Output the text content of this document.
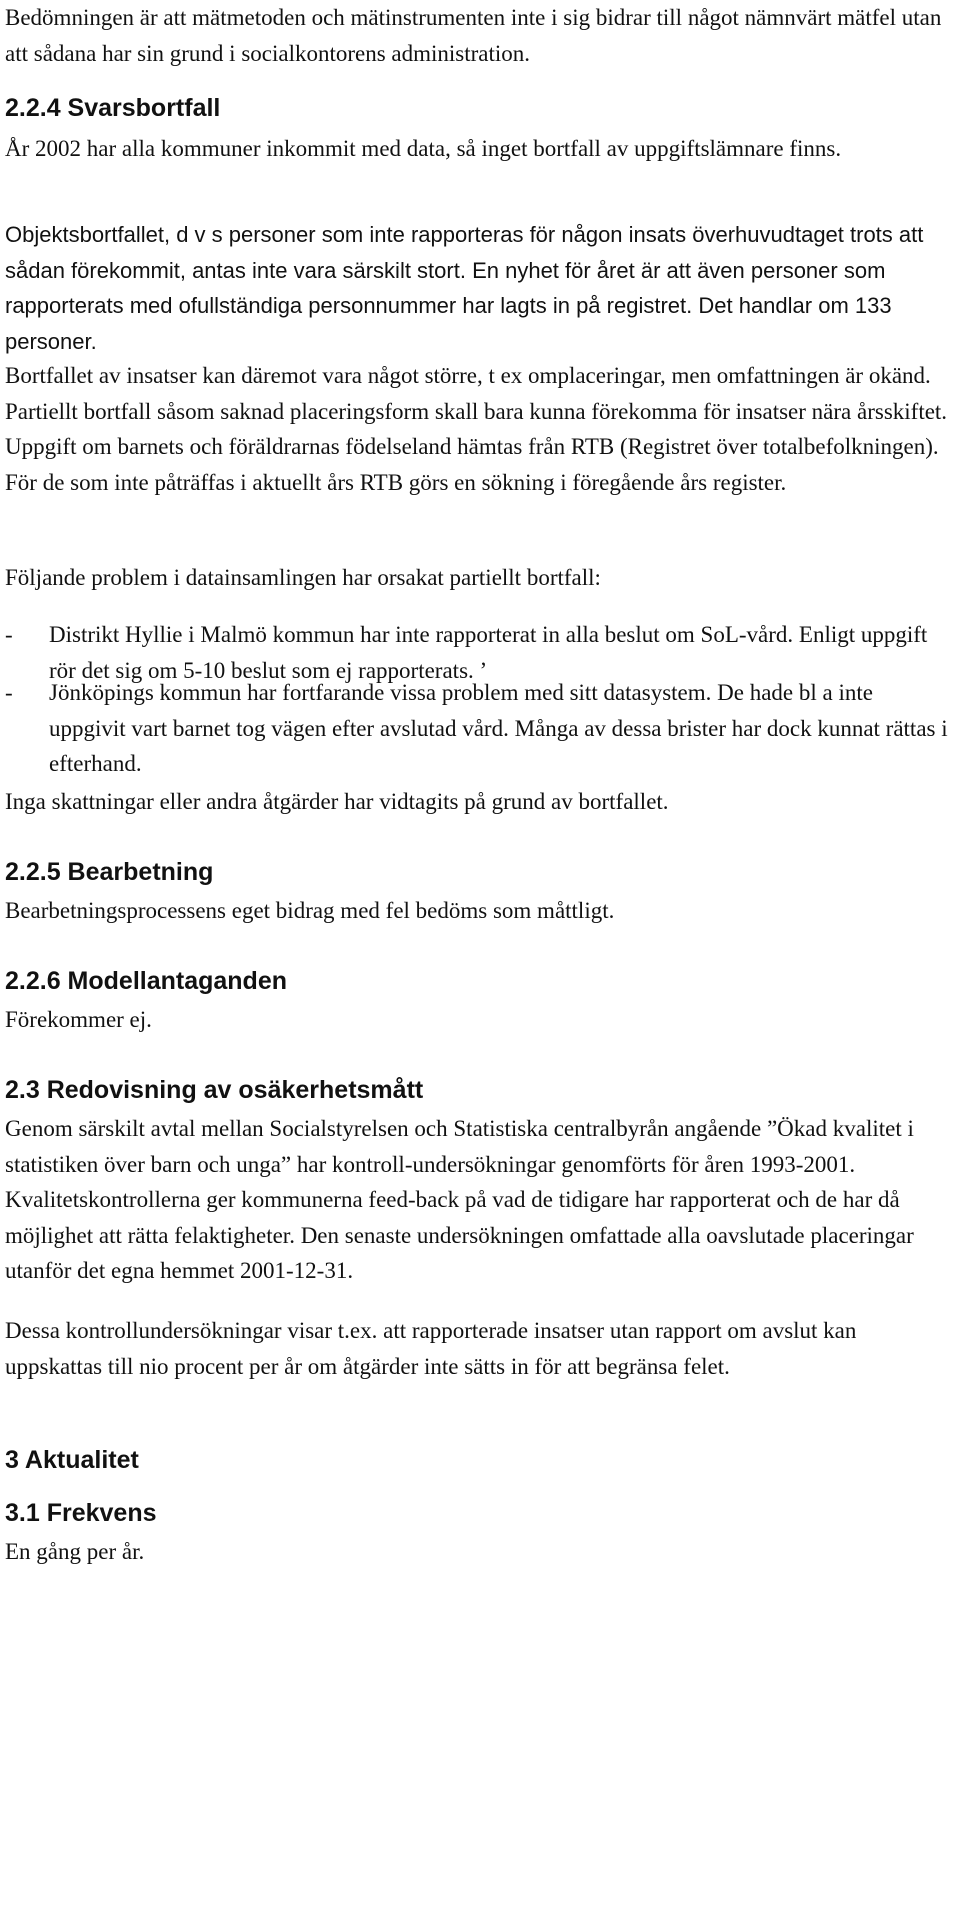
Bedömningen är att mätmetoden och mätinstrumenten inte i sig bidrar till något nämnvärt mätfel utan att sådana har sin grund i socialkontorens administration.

2.2.4 Svarsbortfall

År 2002 har alla kommuner inkommit med data, så inget bortfall av uppgiftslämnare finns.

Objektsbortfallet, d v s personer som inte rapporteras för någon insats överhuvudtaget trots att sådan förekommit, antas inte vara särskilt stort. En nyhet för året är att även personer som rapporterats med ofullständiga personnummer har lagts in på registret. Det handlar om 133 personer.

Bortfallet av insatser kan däremot vara något större, t ex omplaceringar, men omfattningen är okänd. Partiellt bortfall såsom saknad placeringsform skall bara kunna förekomma för insatser nära årsskiftet. Uppgift om barnets och föräldrarnas födelseland hämtas från RTB (Registret över totalbefolkningen). För de som inte påträffas i aktuellt års RTB görs en sökning i föregående års register.

Följande problem i datainsamlingen har orsakat partiellt bortfall:

-	Distrikt Hyllie i Malmö kommun har inte rapporterat in alla beslut om SoL-vård. Enligt uppgift rör det sig om 5-10 beslut som ej rapporterats. ’
-	Jönköpings kommun har fortfarande vissa problem med sitt datasystem. De hade bl a inte uppgivit vart barnet tog vägen efter avslutad vård. Många av dessa brister har dock kunnat rättas i efterhand.

Inga skattningar eller andra åtgärder har vidtagits på grund av bortfallet.

2.2.5 Bearbetning

Bearbetningsprocessens eget bidrag med fel bedöms som måttligt.

2.2.6 Modellantaganden

Förekommer ej.

2.3 Redovisning av osäkerhetsmått

Genom särskilt avtal mellan Socialstyrelsen och Statistiska centralbyrån angående ”Ökad kvalitet i statistiken över barn och unga” har kontroll-undersökningar genomförts för åren 1993-2001. Kvalitetskontrollerna ger kommunerna feed-back på vad de tidigare har rapporterat och de har då möjlighet att rätta felaktigheter. Den senaste undersökningen omfattade alla oavslutade placeringar utanför det egna hemmet 2001-12-31.

Dessa kontrollundersökningar visar t.ex. att rapporterade insatser utan rapport om avslut kan uppskattas till nio procent per år om åtgärder inte sätts in för att begränsa felet.

3 Aktualitet
3.1 Frekvens

En gång per år.
